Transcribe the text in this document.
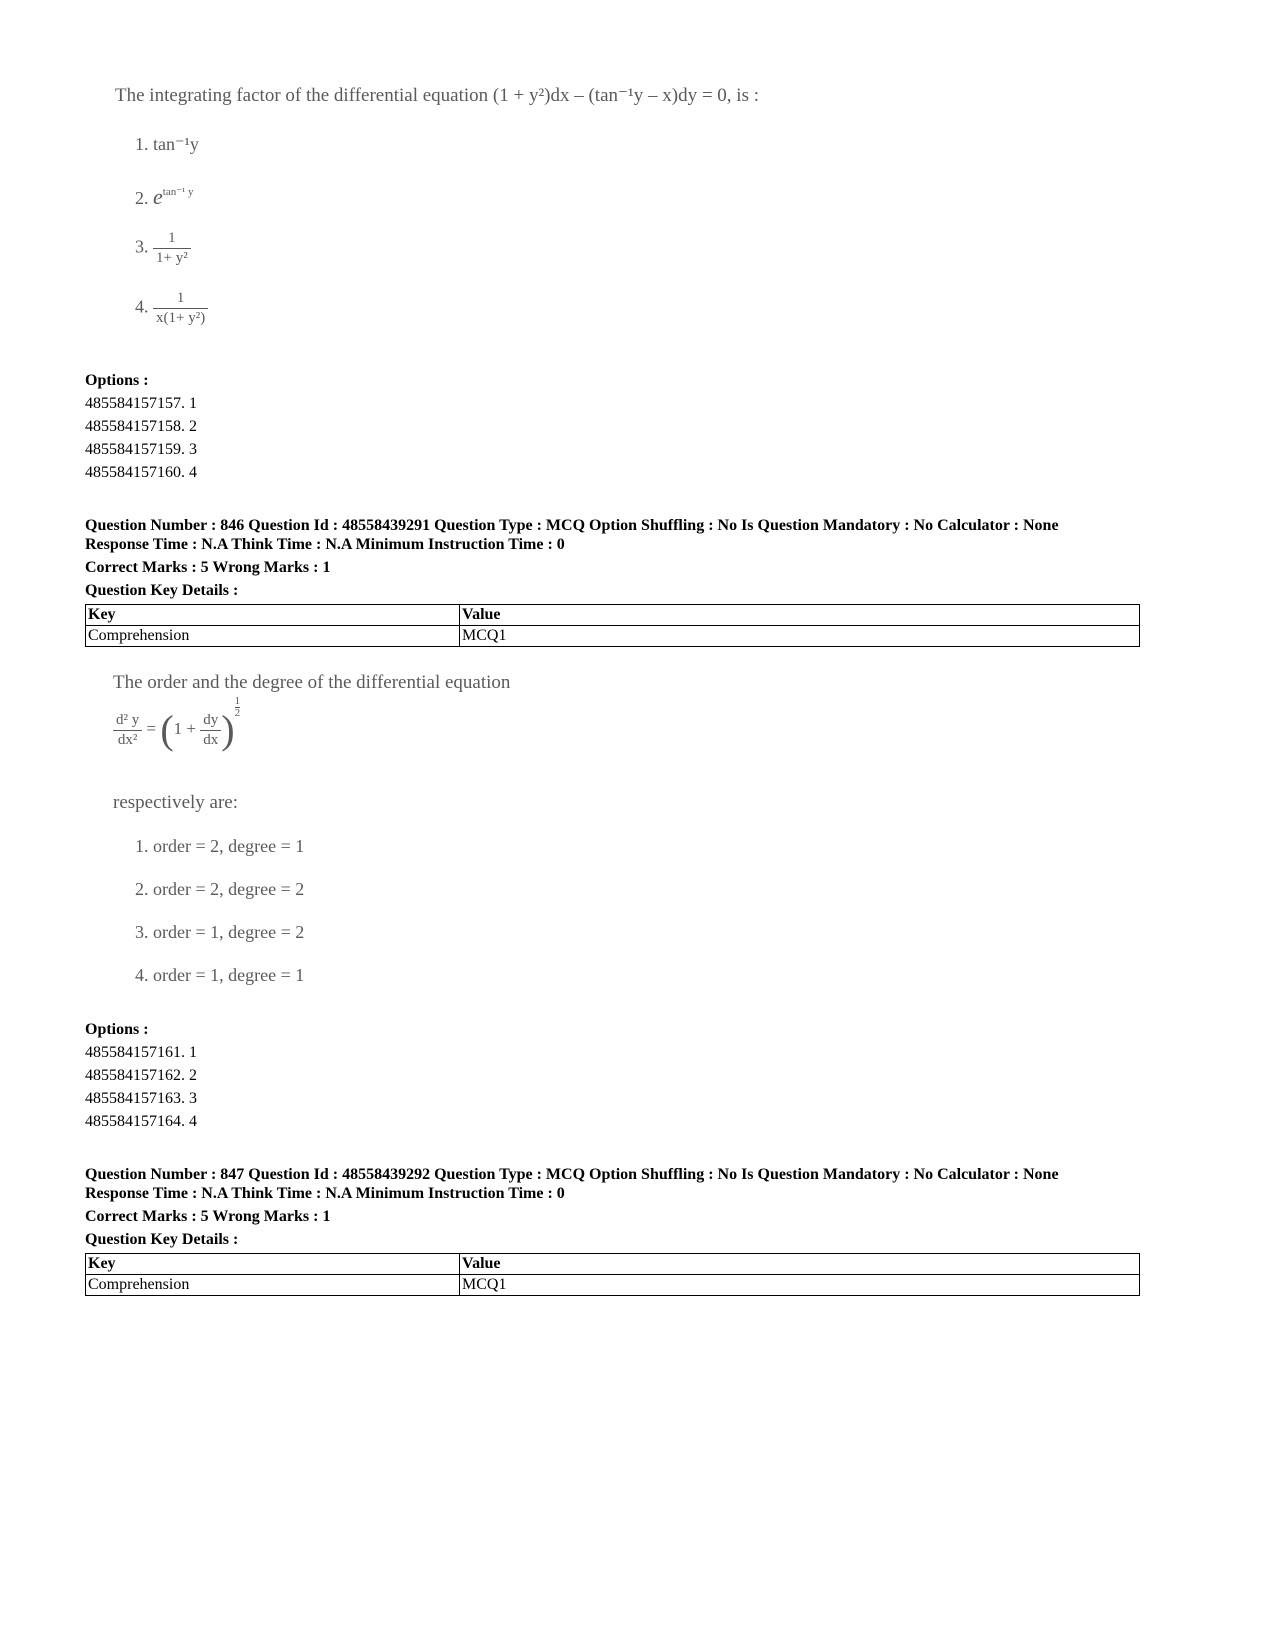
The integrating factor of the differential equation (1 + y²)dx – (tan⁻¹y – x)dy = 0, is :
1. tan⁻¹y
2. $e^{tan^{-1} y}$
3. $\frac{1}{\text{1+ y²}}$
4. $\frac{1}{\text{x(1+ y²)}}$
Options :
485584157157. 1
485584157158. 2
485584157159. 3
485584157160. 4
Question Number : 846 Question Id : 48558439291 Question Type : MCQ Option Shuffling : No Is Question Mandatory : No Calculator : None
Response Time : N.A Think Time : N.A Minimum Instruction Time : 0
Correct Marks : 5 Wrong Marks : 1
Question Key Details :
Key	Value
Comprehension	MCQ1
The order and the degree of the differential equation
$\frac{\text{d² y}}{\text{dx²}} = (1 + \frac{dy}{dx}$ ) $^{\frac{1}{2}}$
respectively are:
1. order = 2, degree = 1
2. order = 2, degree = 2
3. order = 1, degree = 2
4. order = 1, degree = 1
Options :
485584157161. 1
485584157162. 2
485584157163. 3
485584157164. 4
Question Number : 847 Question Id : 48558439292 Question Type : MCQ Option Shuffling : No Is Question Mandatory : No Calculator : None
Response Time : N.A Think Time : N.A Minimum Instruction Time : 0
Correct Marks : 5 Wrong Marks : 1
Question Key Details :
Key	Value
Comprehension	MCQ1
